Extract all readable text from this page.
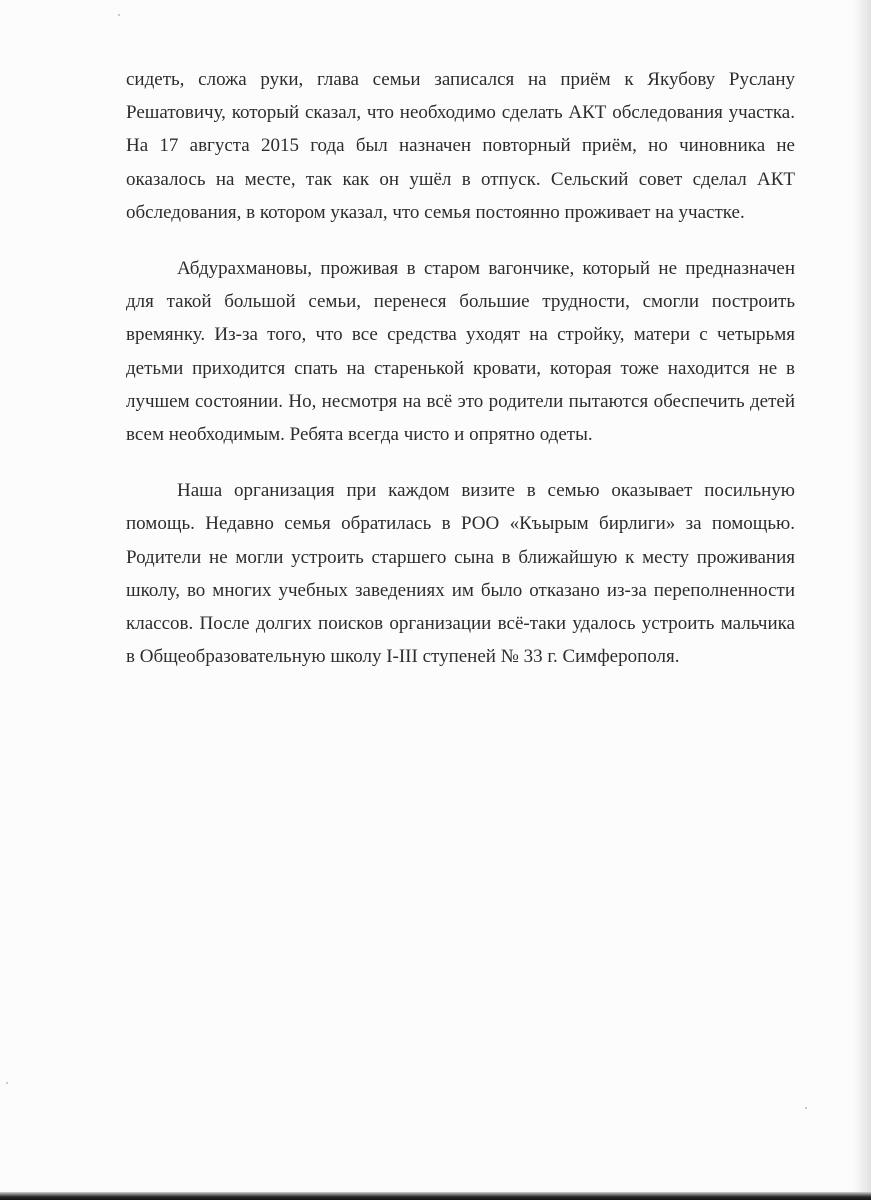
сидеть, сложа руки, глава семьи записался на приём к Якубову Руслану Решатовичу, который сказал, что необходимо сделать АКТ обследования участка. На 17 августа 2015 года был назначен повторный приём, но чиновника не оказалось на месте, так как он ушёл в отпуск. Сельский совет сделал АКТ обследования, в котором указал, что семья постоянно проживает на участке.

Абдурахмановы, проживая в старом вагончике, который не предназначен для такой большой семьи, перенеся большие трудности, смогли построить времянку. Из-за того, что все средства уходят на стройку, матери с четырьмя детьми приходится спать на старенькой кровати, которая тоже находится не в лучшем состоянии. Но, несмотря на всё это родители пытаются обеспечить детей всем необходимым. Ребята всегда чисто и опрятно одеты.

Наша организация при каждом визите в семью оказывает посильную помощь. Недавно семья обратилась в РОО «Къырым бирлиги» за помощью. Родители не могли устроить старшего сына в ближайшую к месту проживания школу, во многих учебных заведениях им было отказано из-за переполненности классов. После долгих поисков организации всё-таки удалось устроить мальчика в Общеобразовательную школу I-III ступеней № 33 г. Симферополя.
